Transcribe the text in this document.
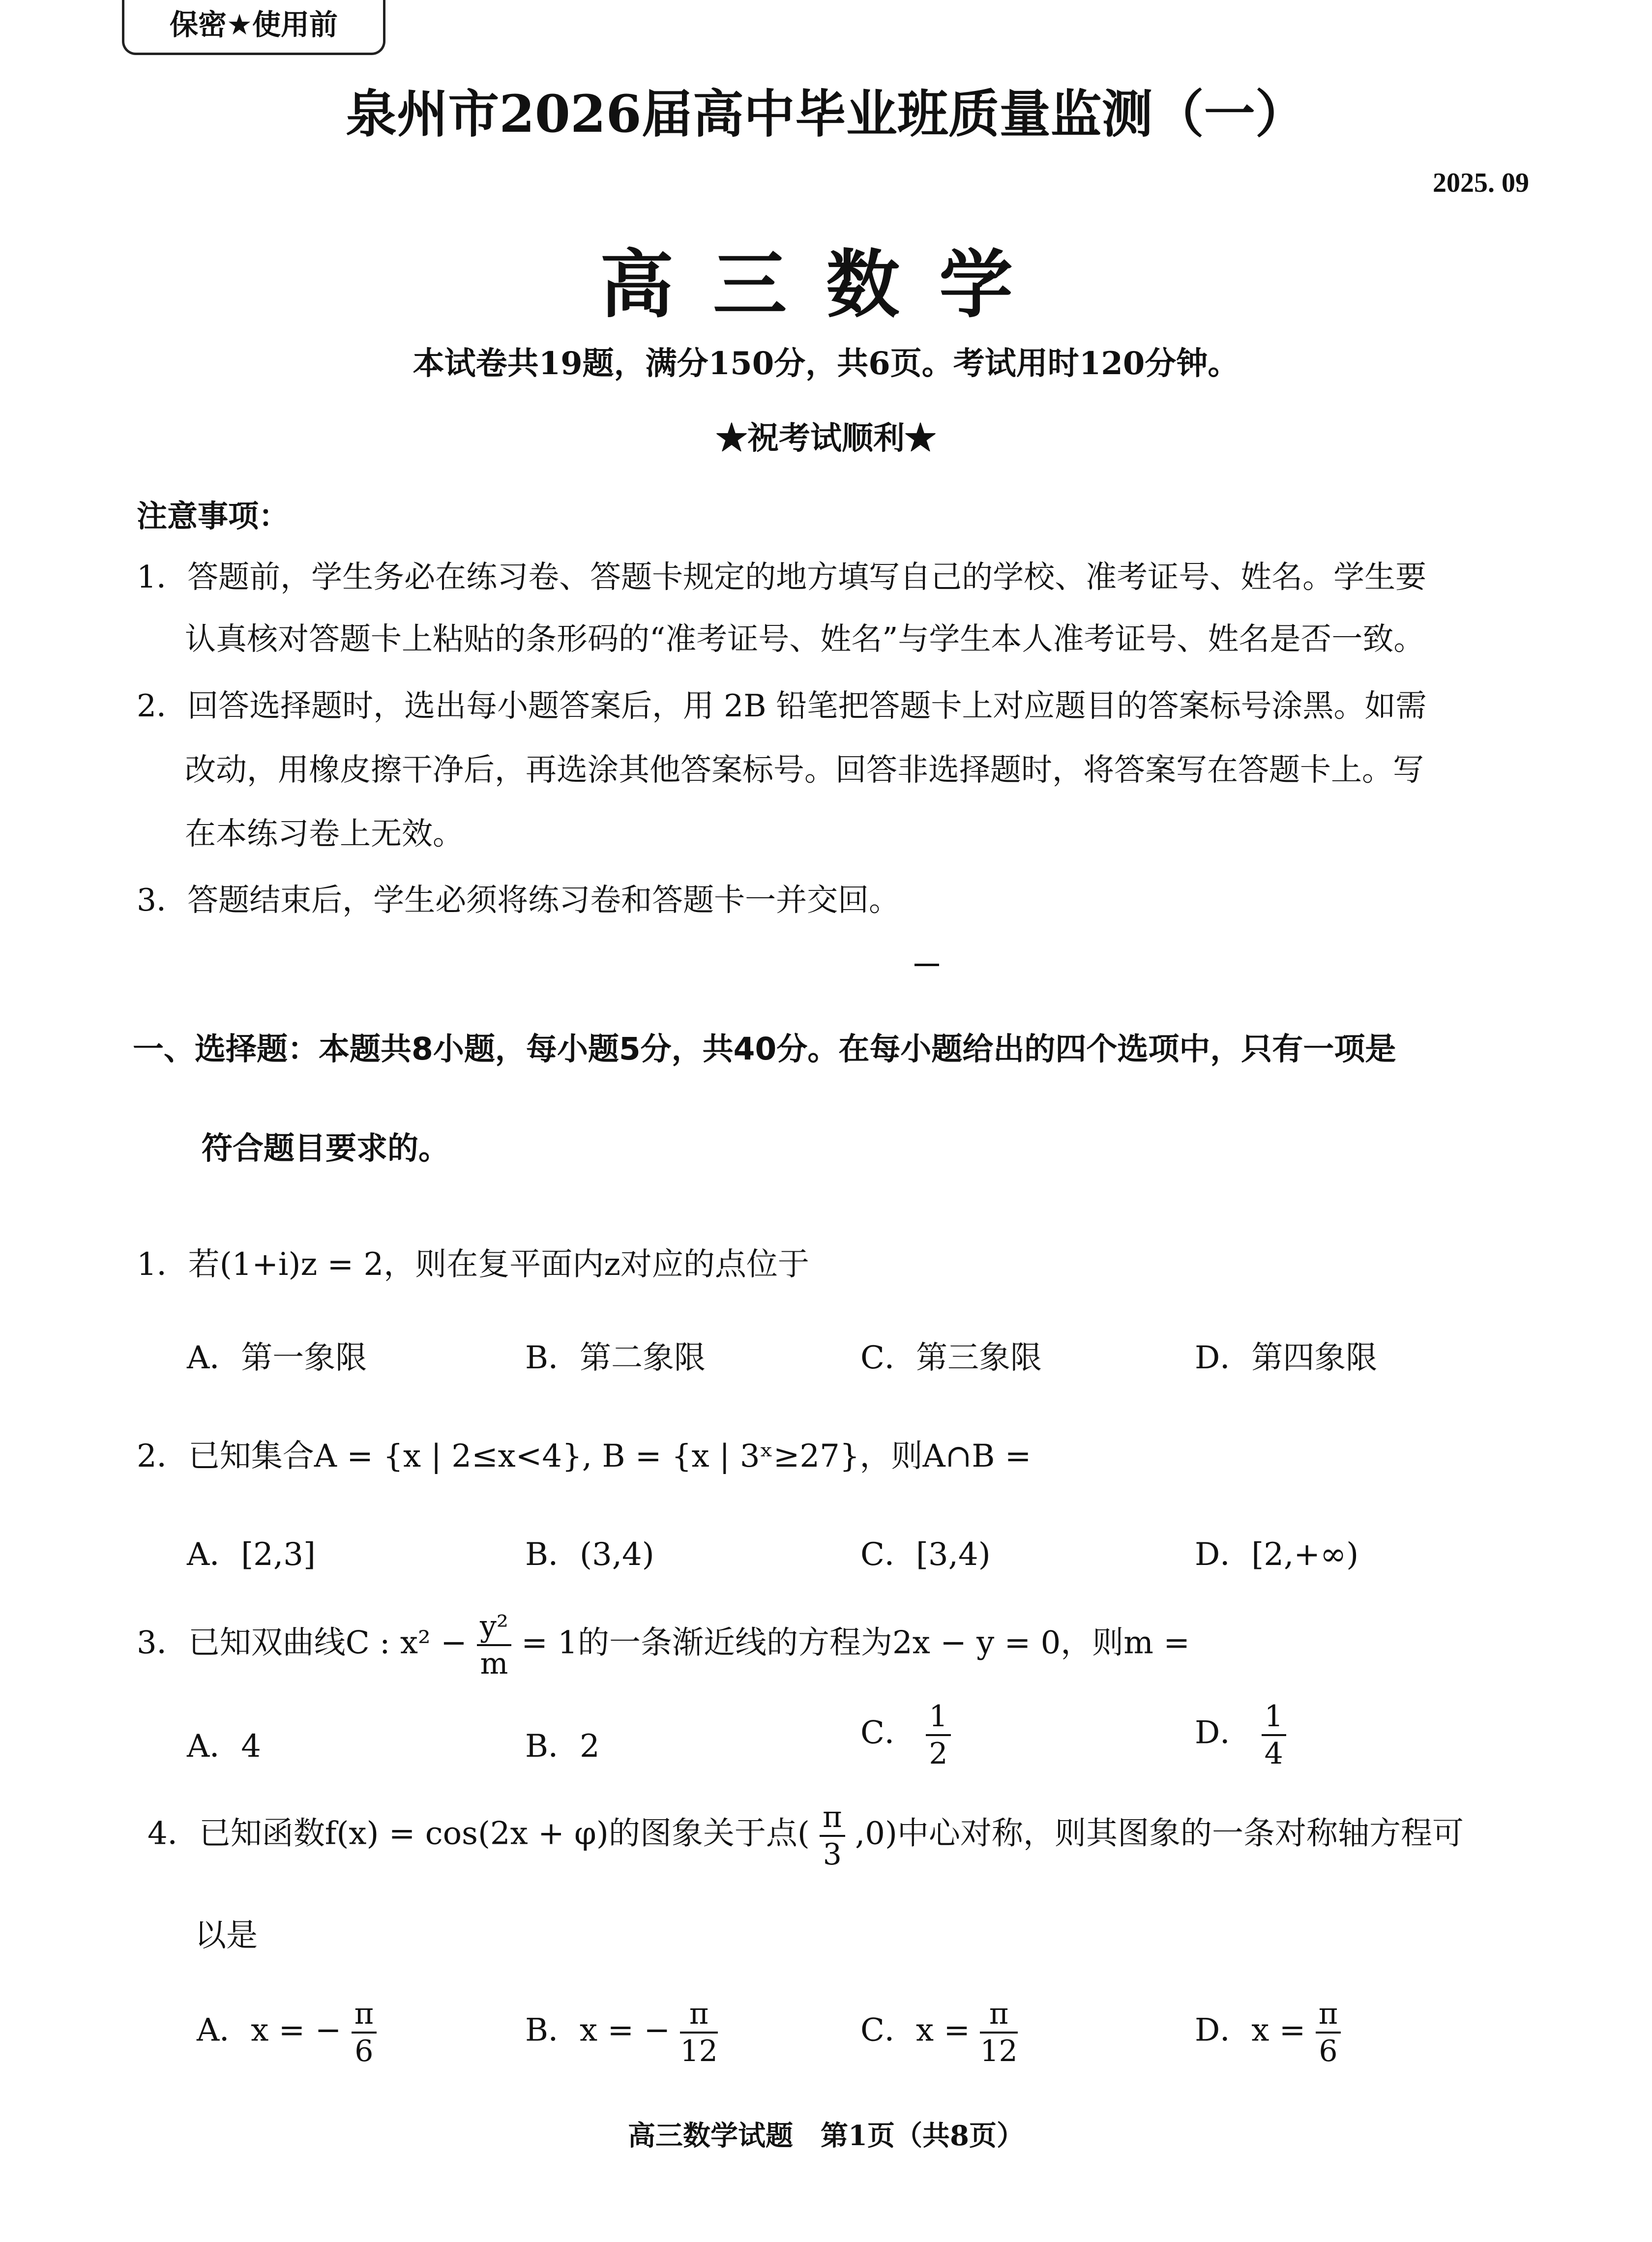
保密★使用前
泉州市2026届高中毕业班质量监测（一）
2025. 09
高三数学
本试卷共19题，满分150分，共6页。考试用时120分钟。
★祝考试顺利★
注意事项：
1．答题前，学生务必在练习卷、答题卡规定的地方填写自己的学校、准考证号、姓名。学生要
认真核对答题卡上粘贴的条形码的“准考证号、姓名”与学生本人准考证号、姓名是否一致。
2．回答选择题时，选出每小题答案后，用 2B 铅笔把答题卡上对应题目的答案标号涂黑。如需
改动，用橡皮擦干净后，再选涂其他答案标号。回答非选择题时，将答案写在答题卡上。写
在本练习卷上无效。
3．答题结束后，学生必须将练习卷和答题卡一并交回。
一、选择题：本题共8小题，每小题5分，共40分。在每小题给出的四个选项中，只有一项是
符合题目要求的。
1．若(1+i)z = 2，则在复平面内z对应的点位于
A．第一象限	B．第二象限	C．第三象限	D．第四象限
2．已知集合A = {x | 2≤x<4}, B = {x | 3ˣ≥27}，则A∩B =
A．[2,3]	B．(3,4)	C．[3,4)	D．[2,+∞)
3．已知双曲线C : $x^2 - \frac{\text{y²}}{m} = 1$的一条渐近线的方程为2x − y = 0，则m =
A．4	B．2	C． $\frac{1}{2}$	D． $\frac{1}{4}$
4．已知函数f(x) = cos(2x + φ)的图象关于点( $\frac{\pi}{3} ,0$)中心对称，则其图象的一条对称轴方程可
以是
A．x = − $\frac{\pi}{6}$	B．x = − $\frac{\pi}{12}$	C．$x = \frac{\pi}{12}$	D．$x = \frac{\pi}{6}$
高三数学试题　第1页（共8页）
